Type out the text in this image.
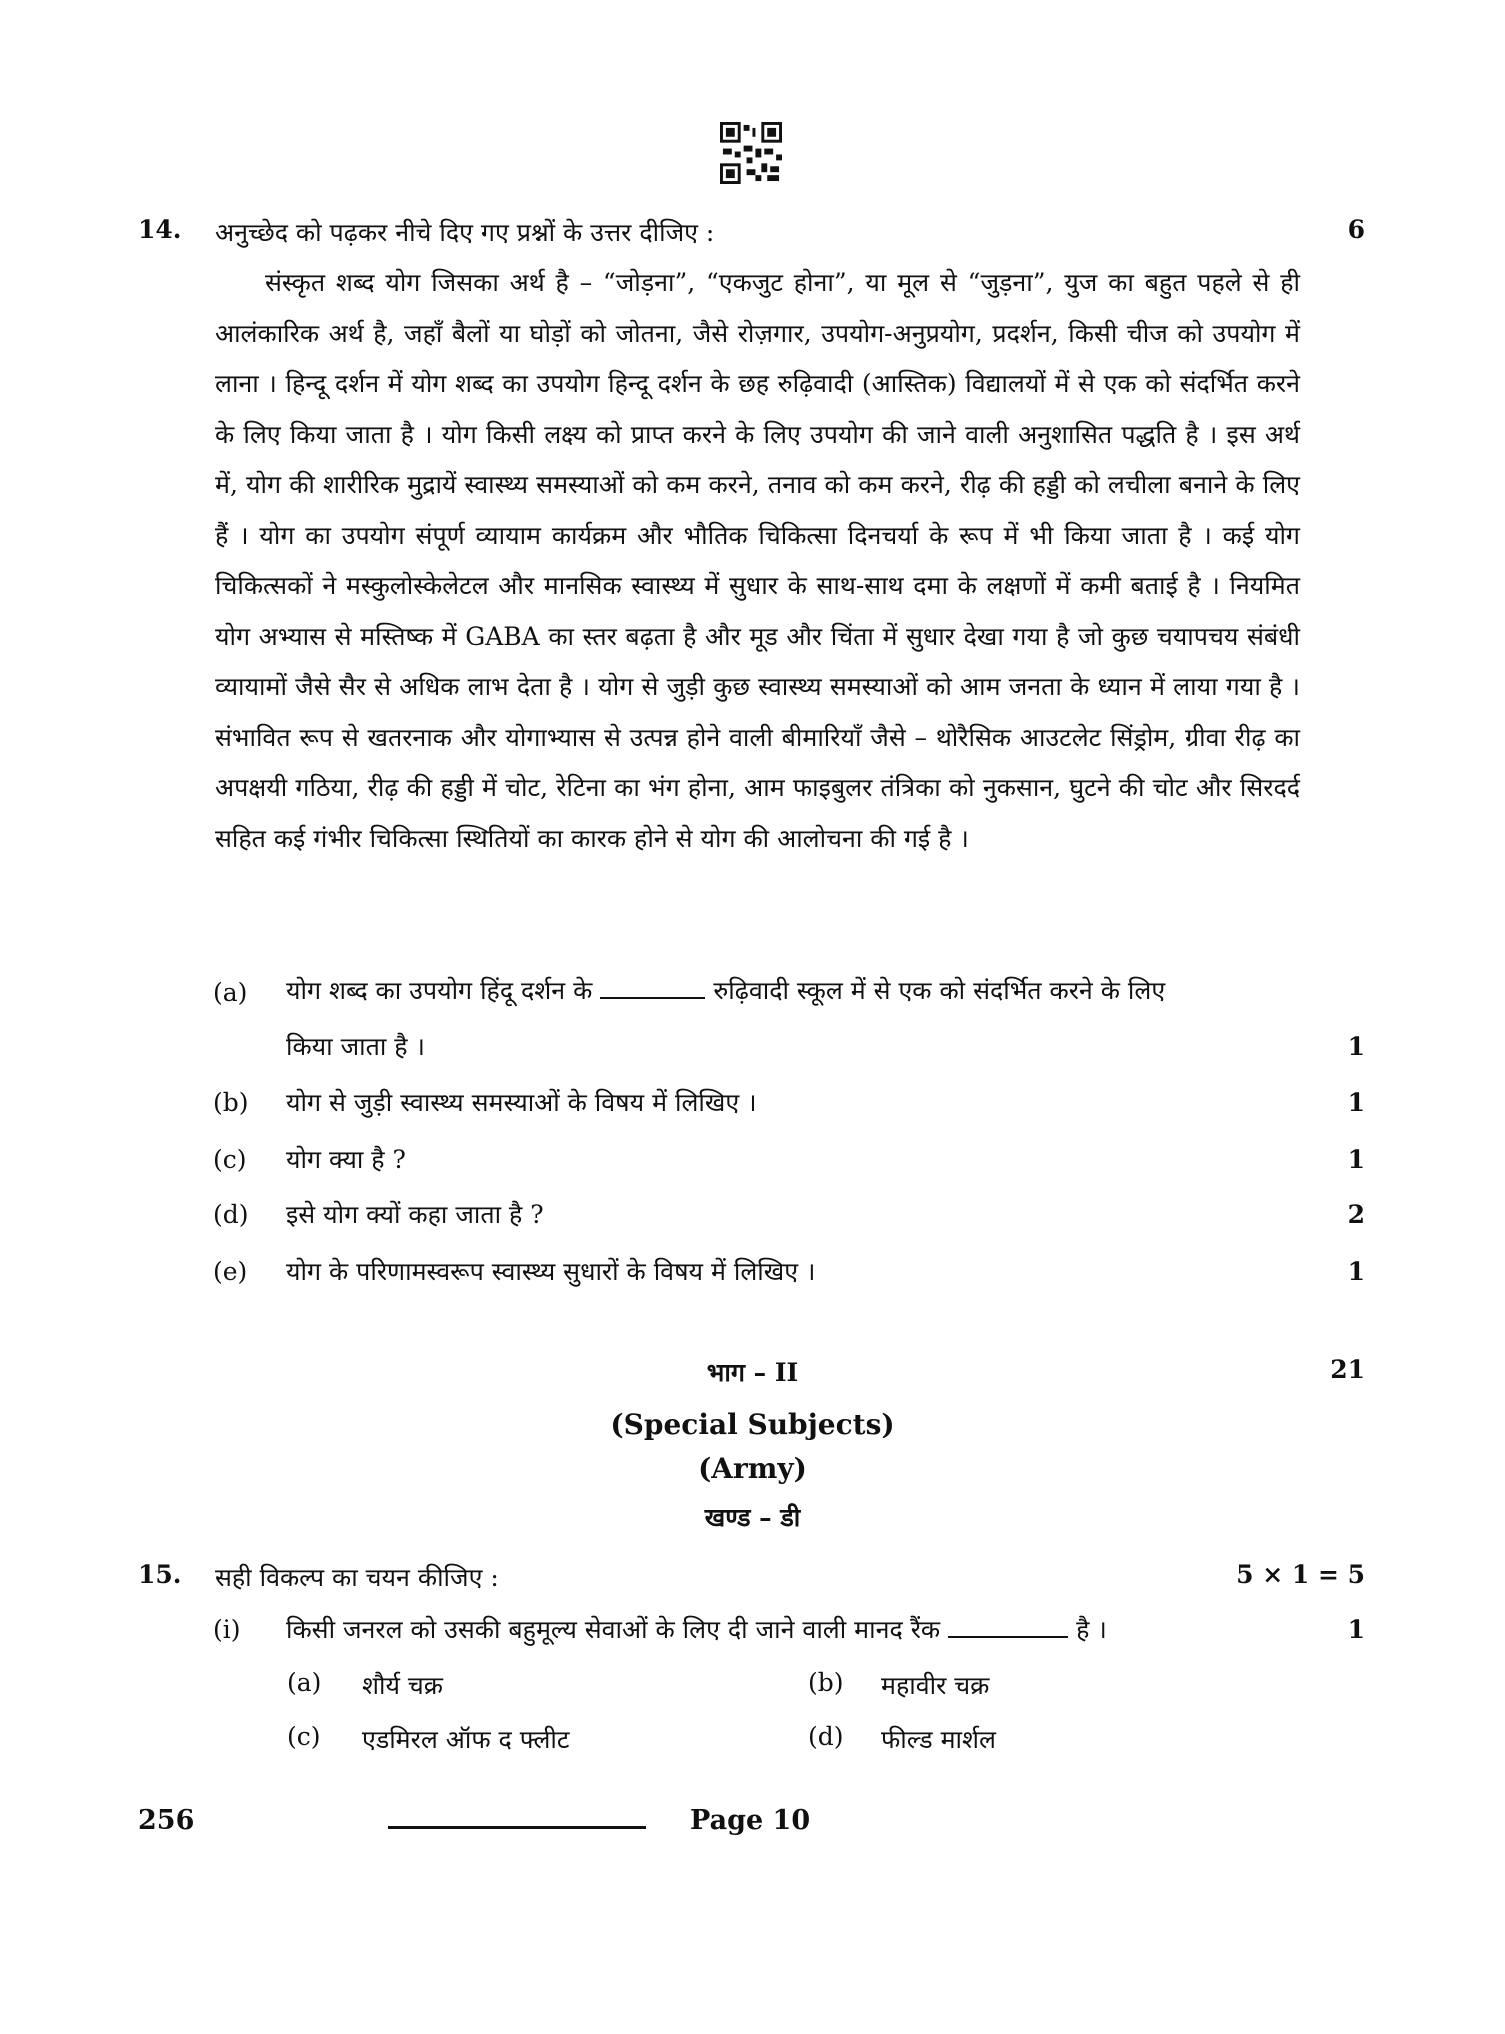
14. अनुच्छेद को पढ़कर नीचे दिए गए प्रश्नों के उत्तर दीजिए :	6
संस्कृत शब्द योग जिसका अर्थ है – “जोड़ना”, “एकजुट होना”, या मूल से “जुड़ना”, युज का बहुत पहले से ही आलंकारिक अर्थ है, जहाँ बैलों या घोड़ों को जोतना, जैसे रोज़गार, उपयोग-अनुप्रयोग, प्रदर्शन, किसी चीज को उपयोग में लाना । हिन्दू दर्शन में योग शब्द का उपयोग हिन्दू दर्शन के छह रुढ़िवादी (आस्तिक) विद्यालयों में से एक को संदर्भित करने के लिए किया जाता है । योग किसी लक्ष्य को प्राप्त करने के लिए उपयोग की जाने वाली अनुशासित पद्धति है । इस अर्थ में, योग की शारीरिक मुद्रायें स्वास्थ्य समस्याओं को कम करने, तनाव को कम करने, रीढ़ की हड्डी को लचीला बनाने के लिए हैं । योग का उपयोग संपूर्ण व्यायाम कार्यक्रम और भौतिक चिकित्सा दिनचर्या के रूप में भी किया जाता है । कई योग चिकित्सकों ने मस्कुलोस्केलेटल और मानसिक स्वास्थ्य में सुधार के साथ-साथ दमा के लक्षणों में कमी बताई है । नियमित योग अभ्यास से मस्तिष्क में GABA का स्तर बढ़ता है और मूड और चिंता में सुधार देखा गया है जो कुछ चयापचय संबंधी व्यायामों जैसे सैर से अधिक लाभ देता है । योग से जुड़ी कुछ स्वास्थ्य समस्याओं को आम जनता के ध्यान में लाया गया है । संभावित रूप से खतरनाक और योगाभ्यास से उत्पन्न होने वाली बीमारियाँ जैसे – थोरैसिक आउटलेट सिंड्रोम, ग्रीवा रीढ़ का अपक्षयी गठिया, रीढ़ की हड्डी में चोट, रेटिना का भंग होना, आम फाइबुलर तंत्रिका को नुकसान, घुटने की चोट और सिरदर्द सहित कई गंभीर चिकित्सा स्थितियों का कारक होने से योग की आलोचना की गई है ।
(a) योग शब्द का उपयोग हिंदू दर्शन के	रुढ़िवादी स्कूल में से एक को संदर्भित करने के लिए
किया जाता है ।	1
(b) योग से जुड़ी स्वास्थ्य समस्याओं के विषय में लिखिए ।	1
(c) योग क्या है ?	1
(d) इसे योग क्यों कहा जाता है ?	2
(e) योग के परिणामस्वरूप स्वास्थ्य सुधारों के विषय में लिखिए ।	1
भाग – II	21
(Special Subjects)
(Army)
खण्ड – डी
15. सही विकल्प का चयन कीजिए :	5 × 1 = 5
(i) किसी जनरल को उसकी बहुमूल्य सेवाओं के लिए दी जाने वाली मानद रैंक	है ।	1
(a) शौर्य चक्र	(b) महावीर चक्र
(c) एडमिरल ऑफ द फ्लीट	(d) फील्ड मार्शल
256	Page 10
